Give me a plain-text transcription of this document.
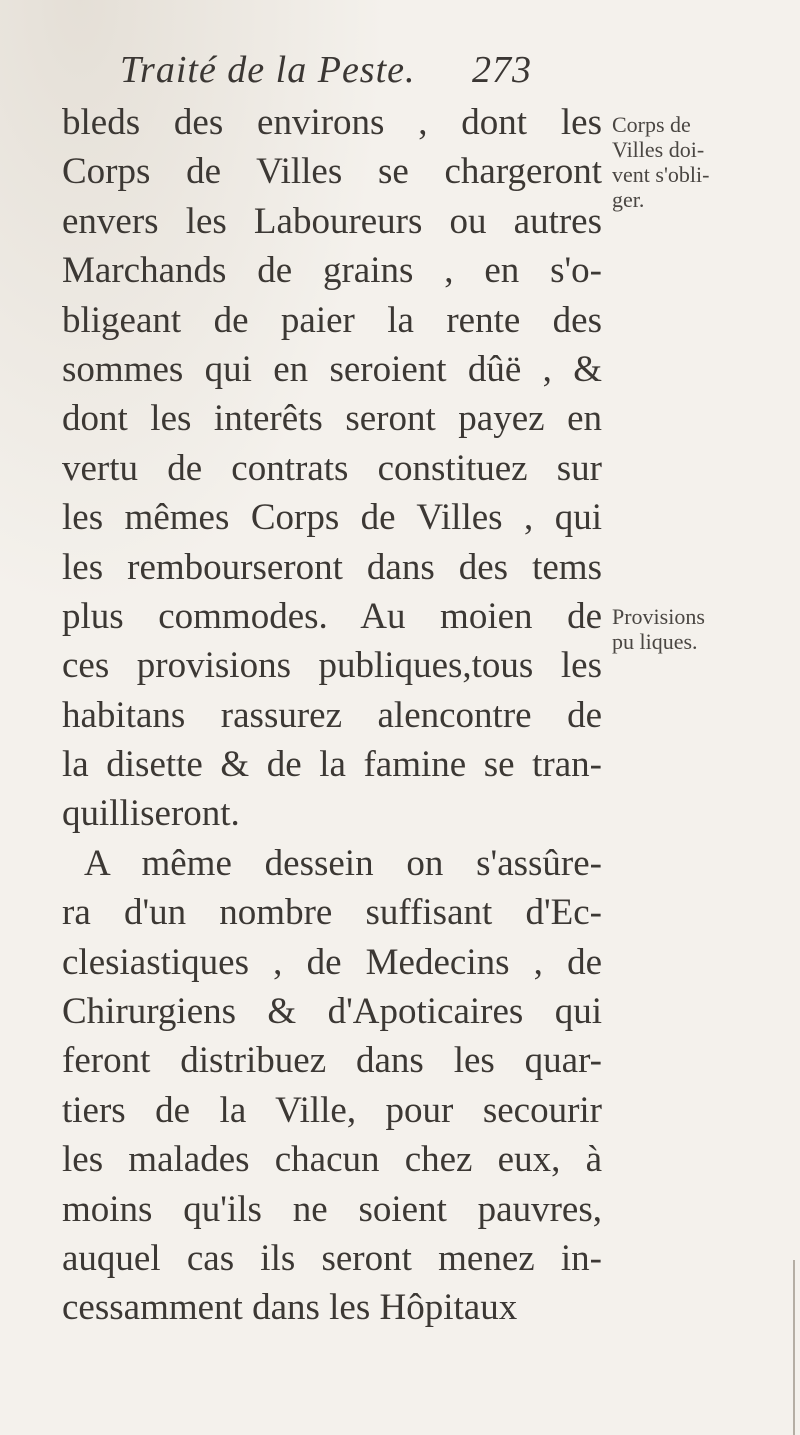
Traité de la Peste. 273
bleds des environs , dont les
Corps de Villes se chargeront
envers les Laboureurs ou autres
Marchands de grains , en s'o-
bligeant de paier la rente des
sommes qui en seroient dûë , &
dont les interêts seront payez en
vertu de contrats constituez sur
les mêmes Corps de Villes , qui
les rembourseront dans des tems
plus commodes. Au moien de
ces provisions publiques,tous les
habitans rassurez alencontre de
la disette & de la famine se tran-
quilliseront.
A même dessein on s'assûre-
ra d'un nombre suffisant d'Ec-
clesiastiques , de Medecins , de
Chirurgiens & d'Apoticaires qui
feront distribuez dans les quar-
tiers de la Ville, pour secourir
les malades chacun chez eux, à
moins qu'ils ne soient pauvres,
auquel cas ils seront menez in-
cessamment dans les Hôpitaux
Corps de
Villes doi-
vent s'obli-
ger.
Provisions
pu liques.
